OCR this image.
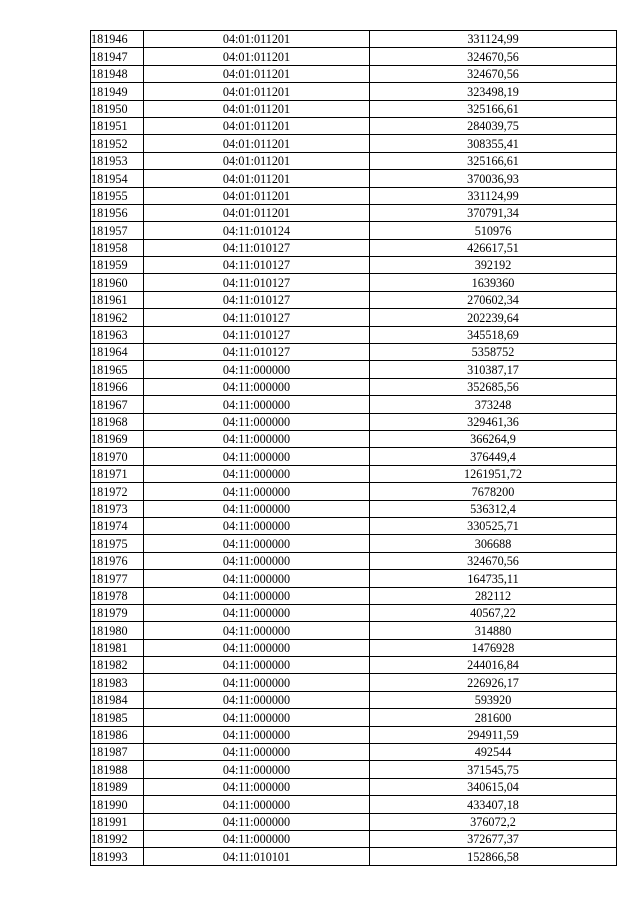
181946	04:01:011201	331124,99
181947	04:01:011201	324670,56
181948	04:01:011201	324670,56
181949	04:01:011201	323498,19
181950	04:01:011201	325166,61
181951	04:01:011201	284039,75
181952	04:01:011201	308355,41
181953	04:01:011201	325166,61
181954	04:01:011201	370036,93
181955	04:01:011201	331124,99
181956	04:01:011201	370791,34
181957	04:11:010124	510976
181958	04:11:010127	426617,51
181959	04:11:010127	392192
181960	04:11:010127	1639360
181961	04:11:010127	270602,34
181962	04:11:010127	202239,64
181963	04:11:010127	345518,69
181964	04:11:010127	5358752
181965	04:11:000000	310387,17
181966	04:11:000000	352685,56
181967	04:11:000000	373248
181968	04:11:000000	329461,36
181969	04:11:000000	366264,9
181970	04:11:000000	376449,4
181971	04:11:000000	1261951,72
181972	04:11:000000	7678200
181973	04:11:000000	536312,4
181974	04:11:000000	330525,71
181975	04:11:000000	306688
181976	04:11:000000	324670,56
181977	04:11:000000	164735,11
181978	04:11:000000	282112
181979	04:11:000000	40567,22
181980	04:11:000000	314880
181981	04:11:000000	1476928
181982	04:11:000000	244016,84
181983	04:11:000000	226926,17
181984	04:11:000000	593920
181985	04:11:000000	281600
181986	04:11:000000	294911,59
181987	04:11:000000	492544
181988	04:11:000000	371545,75
181989	04:11:000000	340615,04
181990	04:11:000000	433407,18
181991	04:11:000000	376072,2
181992	04:11:000000	372677,37
181993	04:11:010101	152866,58
